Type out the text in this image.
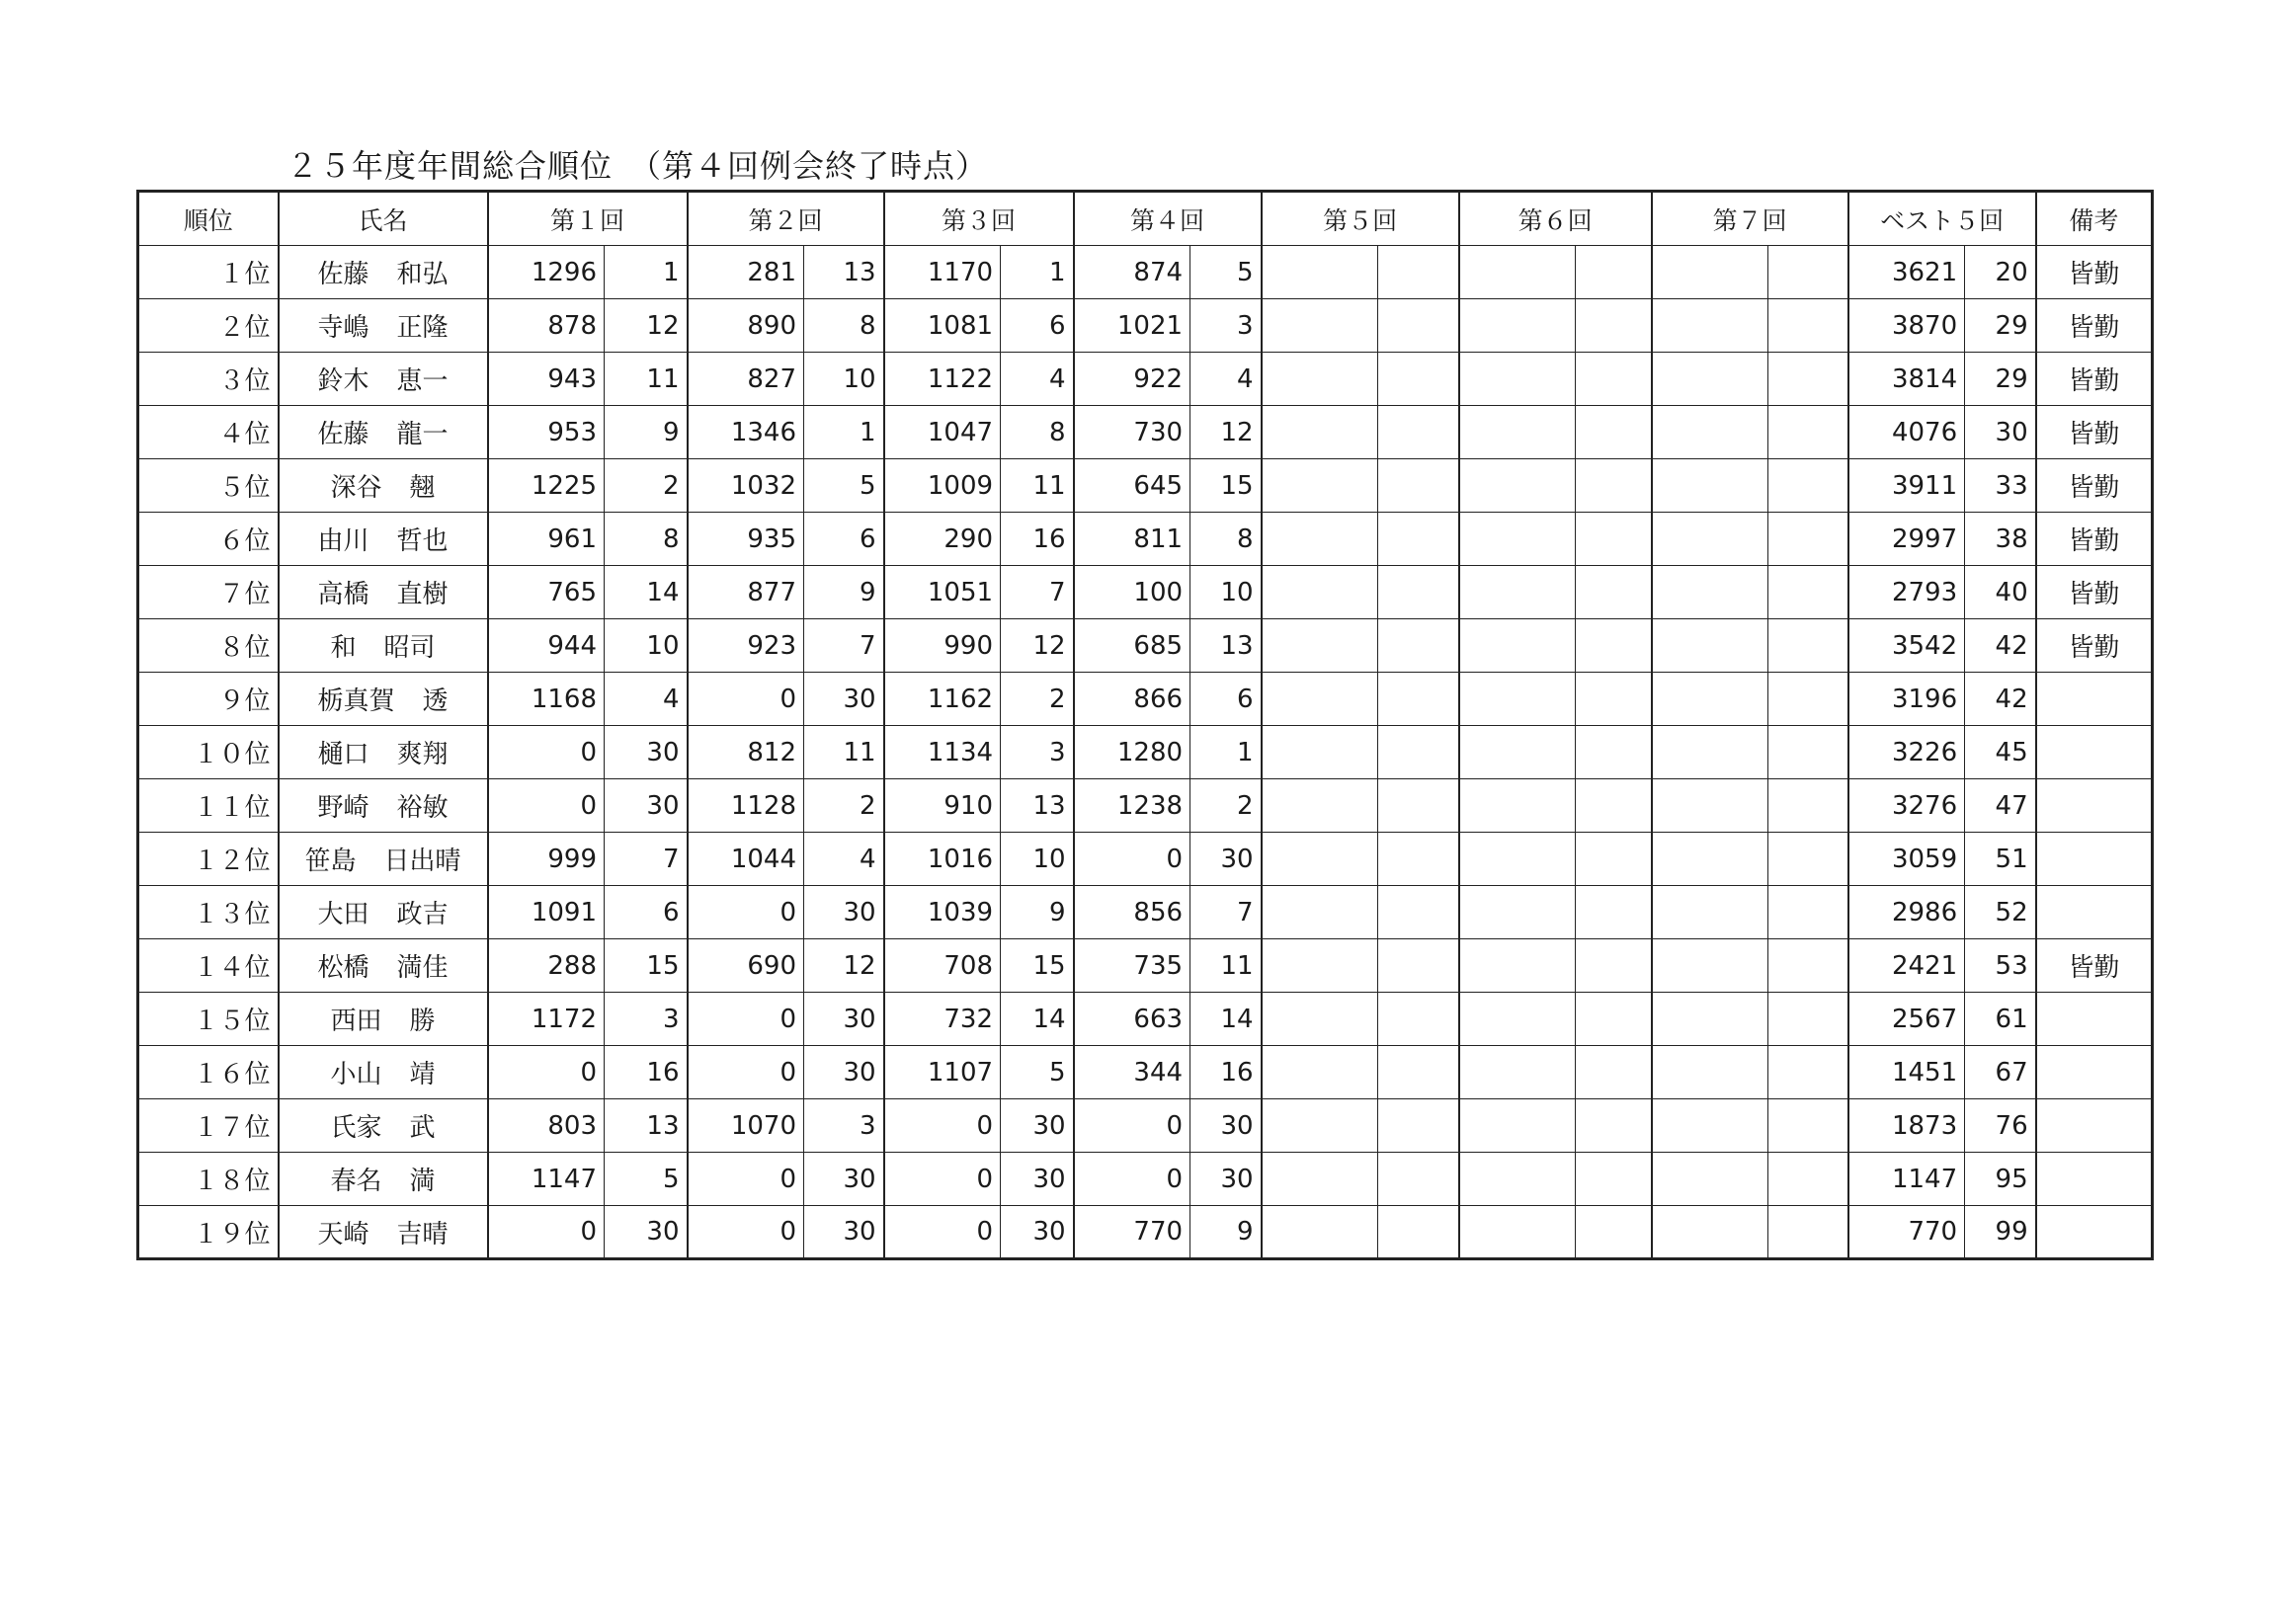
２５年度年間総合順位　（第４回例会終了時点）
順位	氏名	第１回		第２回		第３回		第４回		第５回		第６回		第７回		ベスト５回		備考
１位	佐藤 和弘	1296	1	281	13	1170	1	874	5							3621	20	皆勤
２位	寺嶋 正隆	878	12	890	8	1081	6	1021	3							3870	29	皆勤
３位	鈴木 恵一	943	11	827	10	1122	4	922	4							3814	29	皆勤
４位	佐藤 龍一	953	9	1346	1	1047	8	730	12							4076	30	皆勤
５位	深谷 翹	1225	2	1032	5	1009	11	645	15							3911	33	皆勤
６位	由川 哲也	961	8	935	6	290	16	811	8							2997	38	皆勤
７位	高橋 直樹	765	14	877	9	1051	7	100	10							2793	40	皆勤
８位	和 昭司	944	10	923	7	990	12	685	13							3542	42	皆勤
９位	栃真賀 透	1168	4	0	30	1162	2	866	6							3196	42	
１０位	樋口 爽翔	0	30	812	11	1134	3	1280	1							3226	45	
１１位	野崎 裕敏	0	30	1128	2	910	13	1238	2							3276	47	
１２位	笹島 日出晴	999	7	1044	4	1016	10	0	30							3059	51	
１３位	大田 政吉	1091	6	0	30	1039	9	856	7							2986	52	
１４位	松橋 満佳	288	15	690	12	708	15	735	11							2421	53	皆勤
１５位	西田 勝	1172	3	0	30	732	14	663	14							2567	61	
１６位	小山 靖	0	16	0	30	1107	5	344	16							1451	67	
１７位	氏家 武	803	13	1070	3	0	30	0	30							1873	76	
１８位	春名 満	1147	5	0	30	0	30	0	30							1147	95	
１９位	天崎 吉晴	0	30	0	30	0	30	770	9							770	99	
